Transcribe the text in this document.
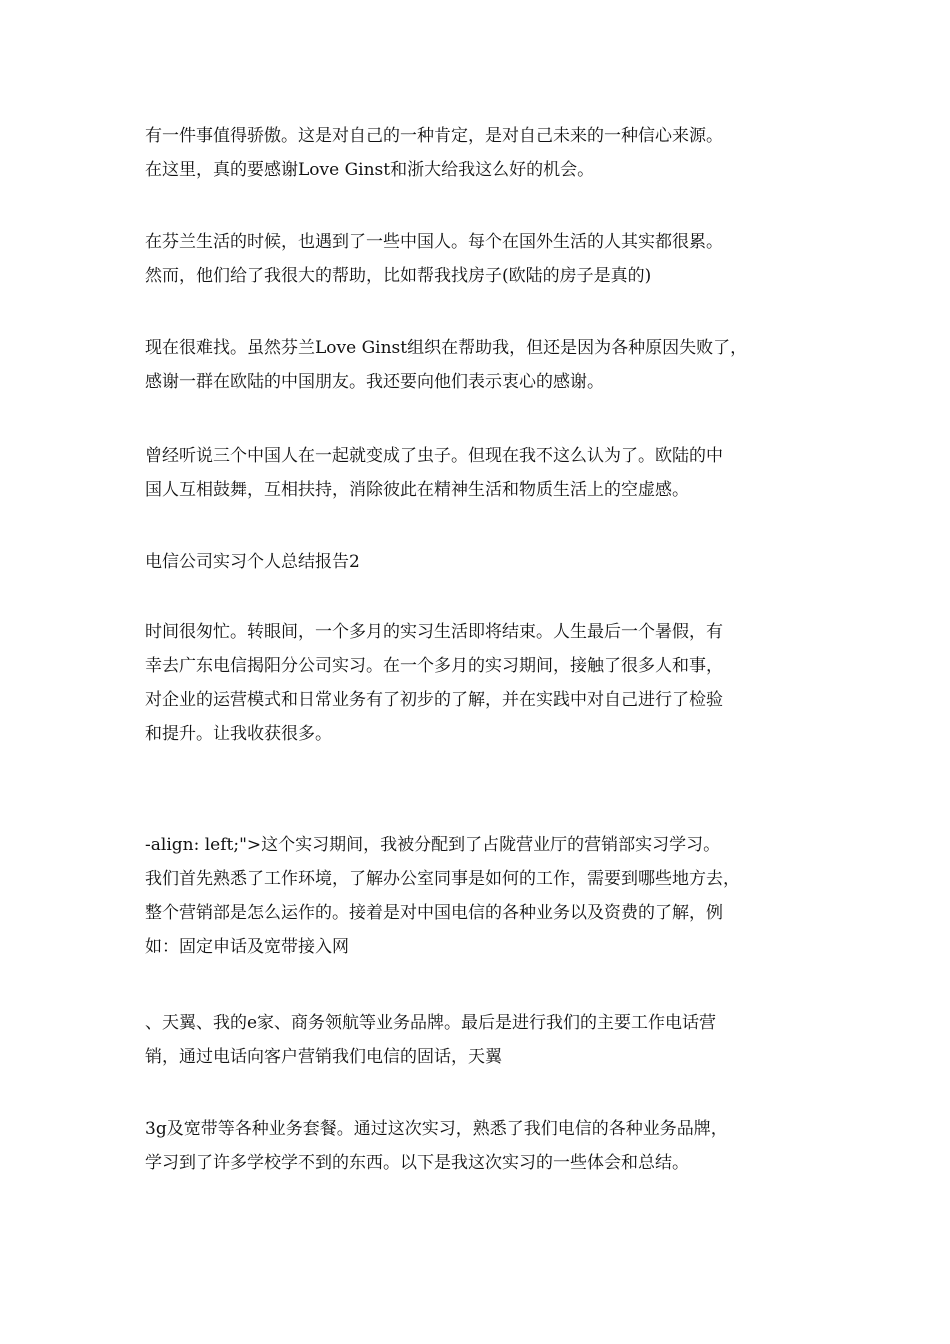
有一件事值得骄傲。这是对自己的一种肯定，是对自己未来的一种信心来源。
在这里，真的要感谢Love Ginst和浙大给我这么好的机会。

在芬兰生活的时候，也遇到了一些中国人。每个在国外生活的人其实都很累。
然而，他们给了我很大的帮助，比如帮我找房子(欧陆的房子是真的)

现在很难找。虽然芬兰Love Ginst组织在帮助我，但还是因为各种原因失败了，
感谢一群在欧陆的中国朋友。我还要向他们表示衷心的感谢。

曾经听说三个中国人在一起就变成了虫子。但现在我不这么认为了。欧陆的中
国人互相鼓舞，互相扶持，消除彼此在精神生活和物质生活上的空虚感。

电信公司实习个人总结报告2

时间很匆忙。转眼间，一个多月的实习生活即将结束。人生最后一个暑假，有
幸去广东电信揭阳分公司实习。在一个多月的实习期间，接触了很多人和事，
对企业的运营模式和日常业务有了初步的了解，并在实践中对自己进行了检验
和提升。让我收获很多。

-align: left;">这个实习期间，我被分配到了占陇营业厅的营销部实习学习。
我们首先熟悉了工作环境，了解办公室同事是如何的工作，需要到哪些地方去，
整个营销部是怎么运作的。接着是对中国电信的各种业务以及资费的了解，例
如：固定申话及宽带接入网

、天翼、我的e家、商务领航等业务品牌。最后是进行我们的主要工作电话营
销，通过电话向客户营销我们电信的固话，天翼

3g及宽带等各种业务套餐。通过这次实习，熟悉了我们电信的各种业务品牌，
学习到了许多学校学不到的东西。以下是我这次实习的一些体会和总结。
